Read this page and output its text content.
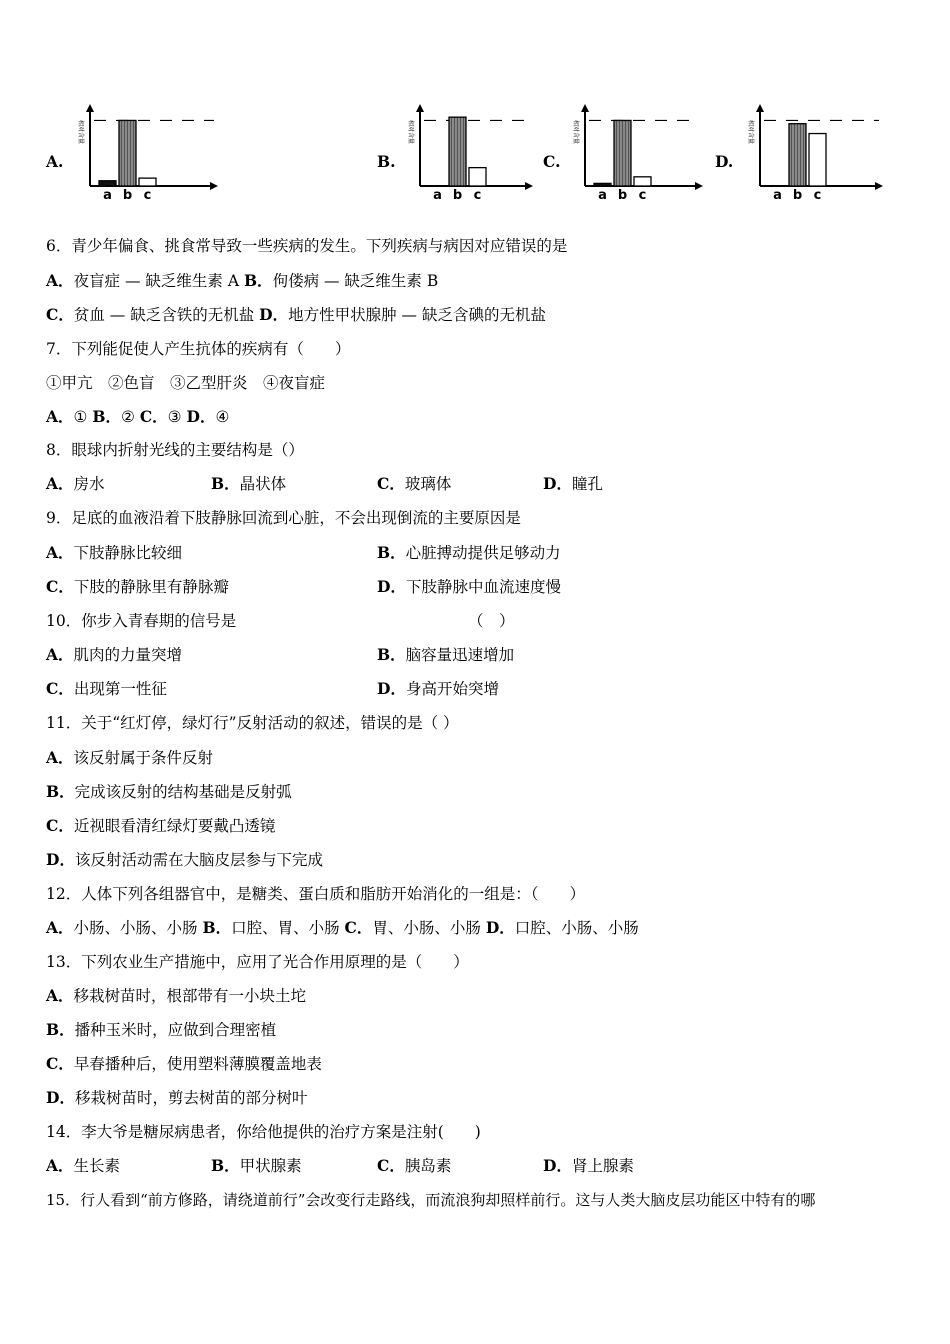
A.
相对含量
a b c
B.
相对含量
a b c
C.
相对含量
a b c
D.
相对含量
a b c
6．青少年偏食、挑食常导致一些疾病的发生。下列疾病与病因对应错误的是
A．夜盲症 — 缺乏维生素 A B．佝偻病 — 缺乏维生素 B
C．贫血 — 缺乏含铁的无机盐 D．地方性甲状腺肿 — 缺乏含碘的无机盐
7．下列能促使人产生抗体的疾病有（　　）
①甲亢　②色盲　③乙型肝炎　④夜盲症
A．① B．② C．③ D．④
8．眼球内折射光线的主要结构是（）
A．房水	B．晶状体	C．玻璃体	D．瞳孔
9．足底的血液沿着下肢静脉回流到心脏，不会出现倒流的主要原因是
A．下肢静脉比较细	B．心脏搏动提供足够动力
C．下肢的静脉里有静脉瓣	D．下肢静脉中血流速度慢
10．你步入青春期的信号是	（　）
A．肌肉的力量突增	B．脑容量迅速增加
C．出现第一性征	D．身高开始突增
11．关于“红灯停，绿灯行”反射活动的叙述，错误的是（ ）
A．该反射属于条件反射
B．完成该反射的结构基础是反射弧
C．近视眼看清红绿灯要戴凸透镜
D．该反射活动需在大脑皮层参与下完成
12．人体下列各组器官中，是糖类、蛋白质和脂肪开始消化的一组是：（　　）
A．小肠、小肠、小肠 B．口腔、胃、小肠 C．胃、小肠、小肠 D．口腔、小肠、小肠
13．下列农业生产措施中，应用了光合作用原理的是（　　）
A．移栽树苗时，根部带有一小块土坨
B．播种玉米时，应做到合理密植
C．早春播种后，使用塑料薄膜覆盖地表
D．移栽树苗时，剪去树苗的部分树叶
14．李大爷是糖尿病患者，你给他提供的治疗方案是注射(　　)
A．生长素	B．甲状腺素	C．胰岛素	D．肾上腺素
15．行人看到“前方修路，请绕道前行”会改变行走路线，而流浪狗却照样前行。这与人类大脑皮层功能区中特有的哪
